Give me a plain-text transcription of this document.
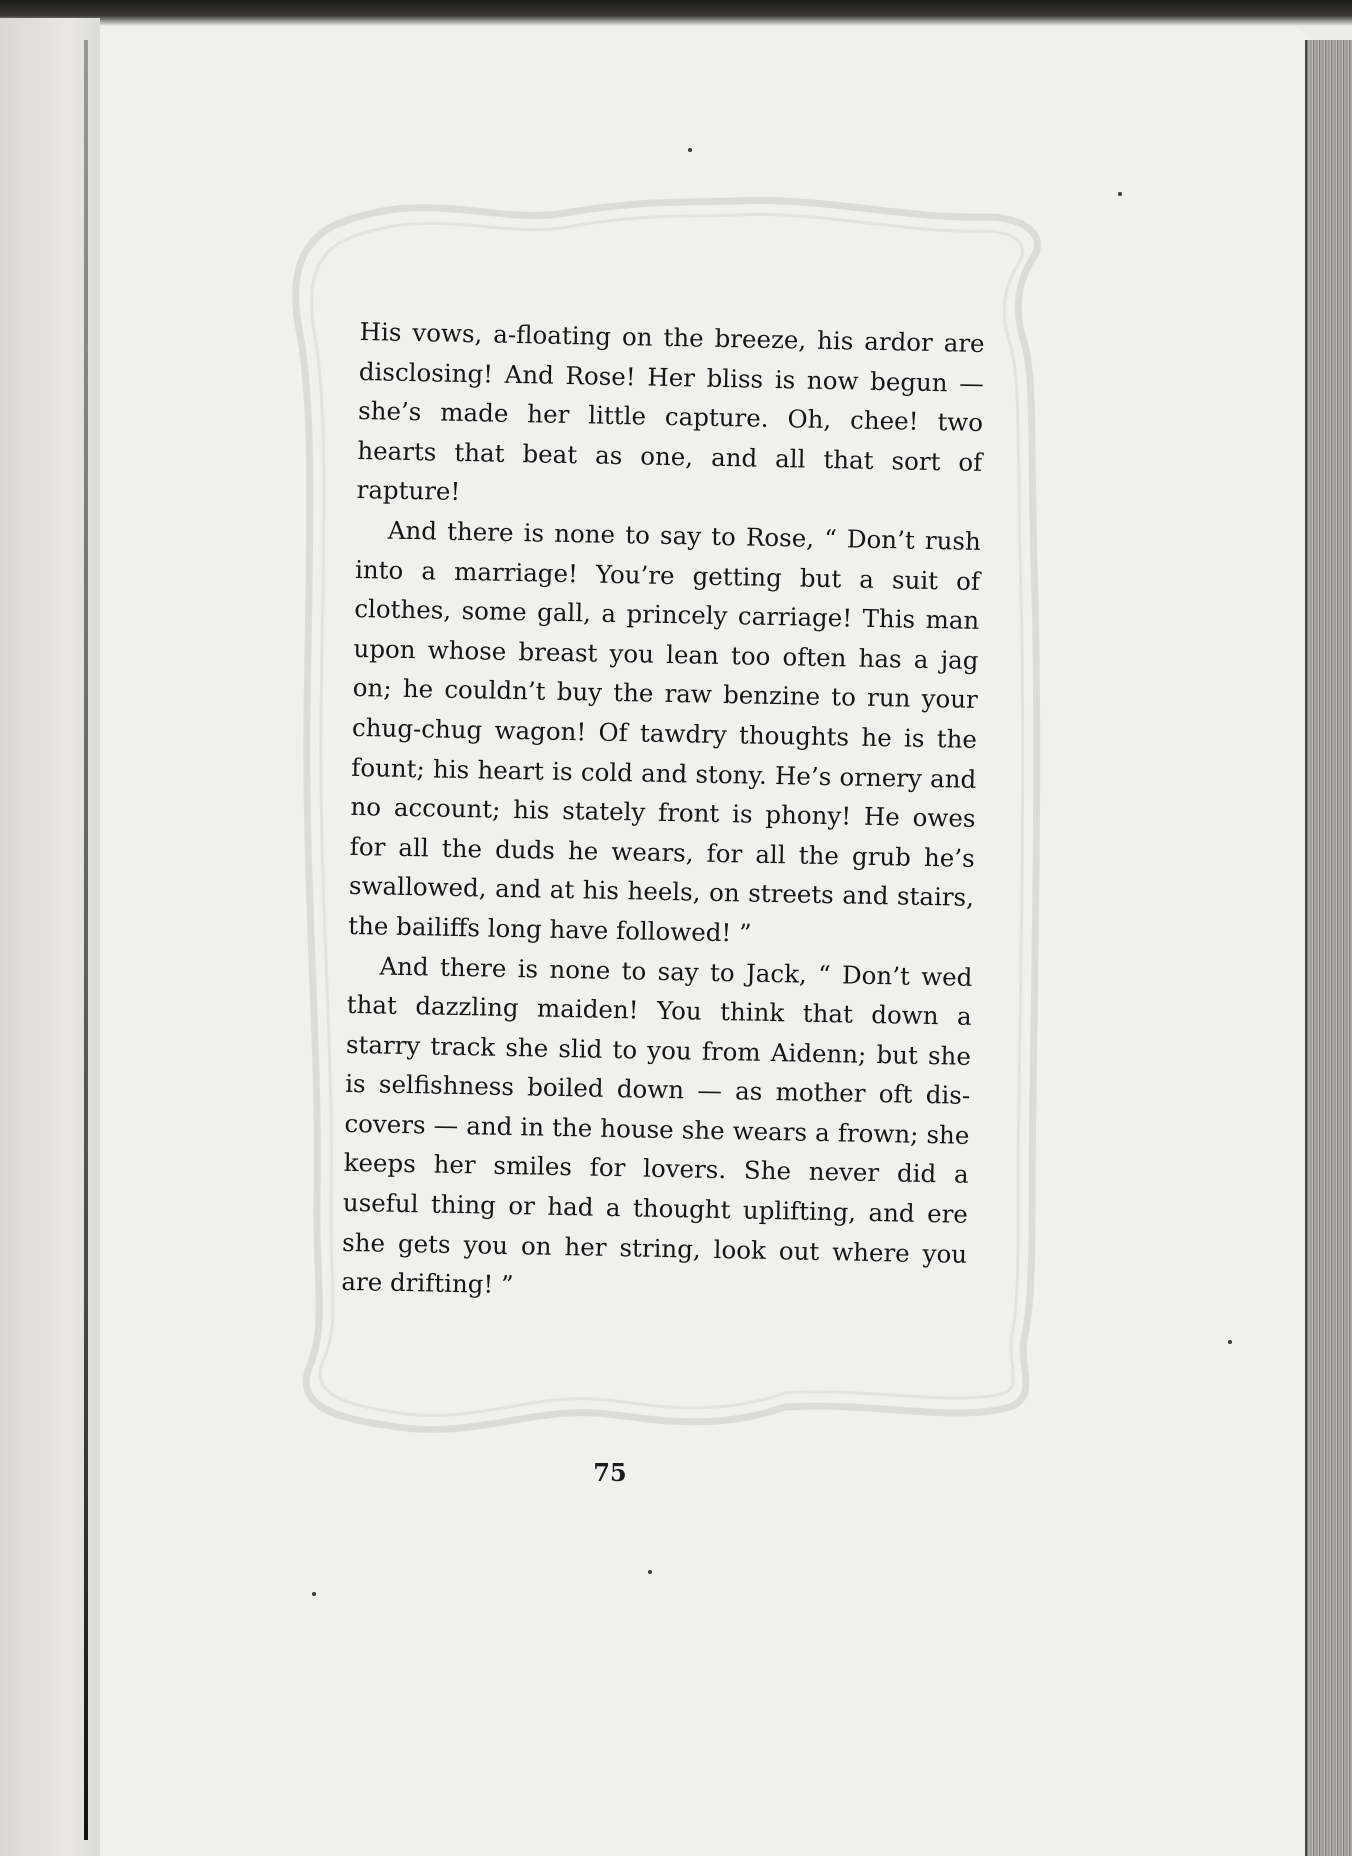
His vows, a-floating on the breeze, his ardor are disclosing! And Rose! Her bliss is now begun — she’s made her little capture. Oh, chee! two hearts that beat as one, and all that sort of rapture!

And there is none to say to Rose, “ Don’t rush into a marriage! You’re getting but a suit of clothes, some gall, a princely carriage! This man upon whose breast you lean too often has a jag on; he couldn’t buy the raw benzine to run your chug-chug wagon! Of tawdry thoughts he is the fount; his heart is cold and stony. He’s ornery and no account; his stately front is phony! He owes for all the duds he wears, for all the grub he’s swallowed, and at his heels, on streets and stairs, the bailiffs long have followed! ”

And there is none to say to Jack, “ Don’t wed that dazzling maiden! You think that down a starry track she slid to you from Aidenn; but she is selfishness boiled down — as mother oft discovers — and in the house she wears a frown; she keeps her smiles for lovers. She never did a useful thing or had a thought uplifting, and ere she gets you on her string, look out where you are drifting! ”

75
